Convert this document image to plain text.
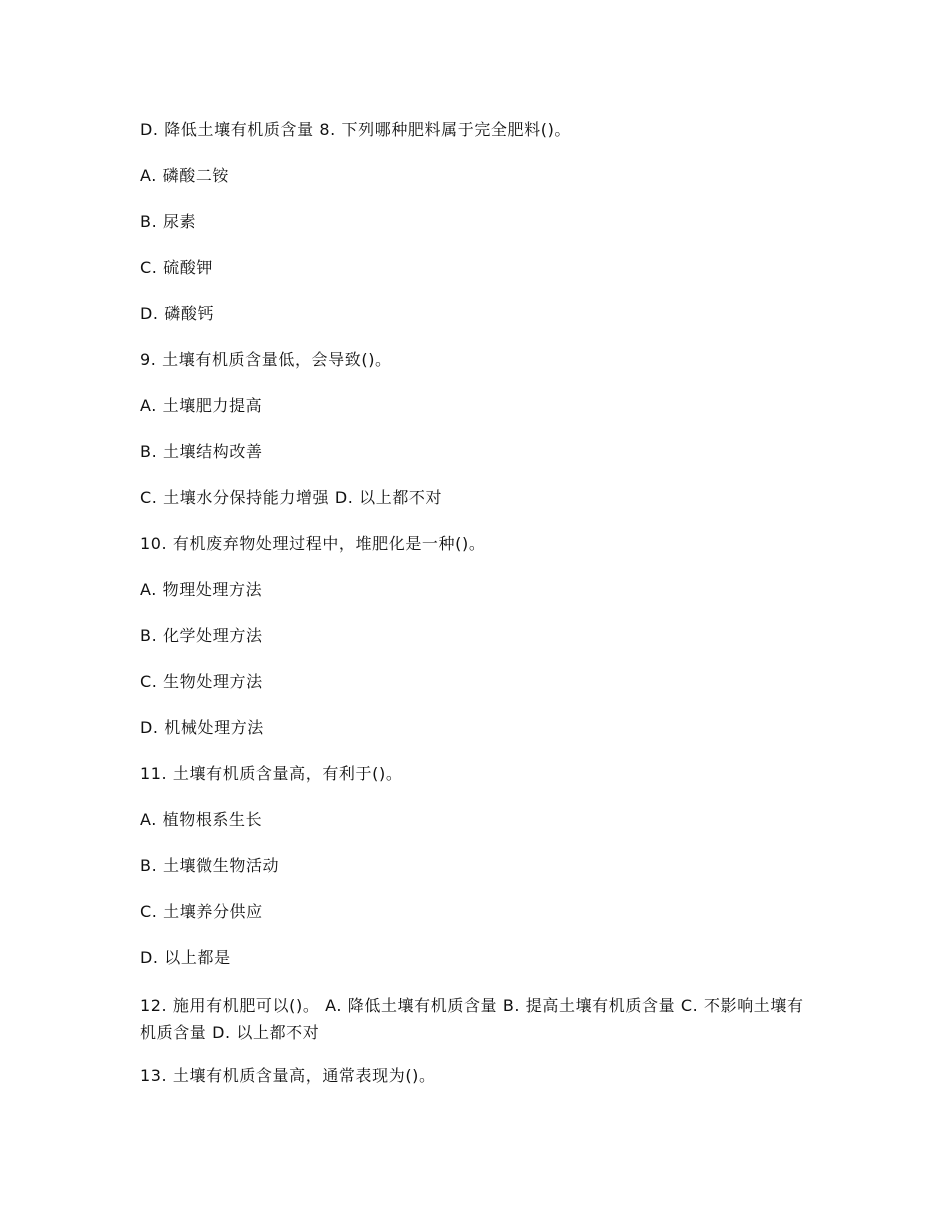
D. 降低土壤有机质含量 8. 下列哪种肥料属于完全肥料()。

A. 磷酸二铵

B. 尿素

C. 硫酸钾

D. 磷酸钙

9. 土壤有机质含量低，会导致()。

A. 土壤肥力提高

B. 土壤结构改善

C. 土壤水分保持能力增强 D. 以上都不对

10. 有机废弃物处理过程中，堆肥化是一种()。

A. 物理处理方法

B. 化学处理方法

C. 生物处理方法

D. 机械处理方法

11. 土壤有机质含量高，有利于()。

A. 植物根系生长

B. 土壤微生物活动

C. 土壤养分供应

D. 以上都是

12. 施用有机肥可以()。 A. 降低土壤有机质含量 B. 提高土壤有机质含量 C. 不影响土壤有机质含量 D. 以上都不对

13. 土壤有机质含量高，通常表现为()。
